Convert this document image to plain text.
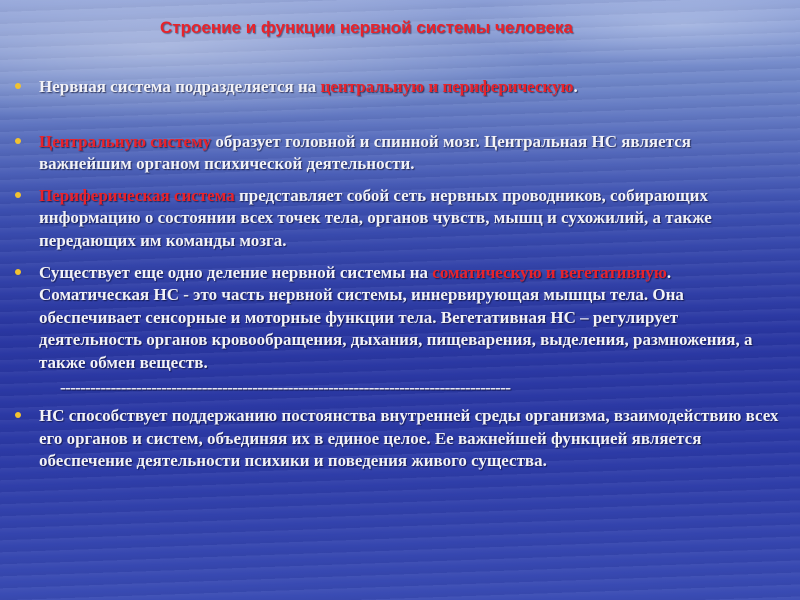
Строение и функции нервной системы человека
Нервная система подразделяется на центральную и периферическую.
Центральную систему образует головной и спинной мозг. Центральная НС является важнейшим органом психической деятельности.
Периферическая система представляет собой сеть нервных проводников, собирающих информацию о состоянии всех точек тела, органов чувств, мышц и сухожилий, а также передающих им команды мозга.
Существует еще одно деление нервной системы на соматическую и вегетативную. Соматическая НС - это часть нервной системы, иннервирующая мышцы тела. Она обеспечивает сенсорные и моторные функции тела. Вегетативная НС – регулирует деятельность органов кровообращения, дыхания, пищеварения, выделения, размножения, а также обмен веществ.
-----------------------------------------------------------------------------------------
НС способствует поддержанию постоянства внутренней среды организма, взаимодействию всех его органов и систем, объединяя их в единое целое. Ее важнейшей функцией является обеспечение деятельности психики и поведения живого существа.
